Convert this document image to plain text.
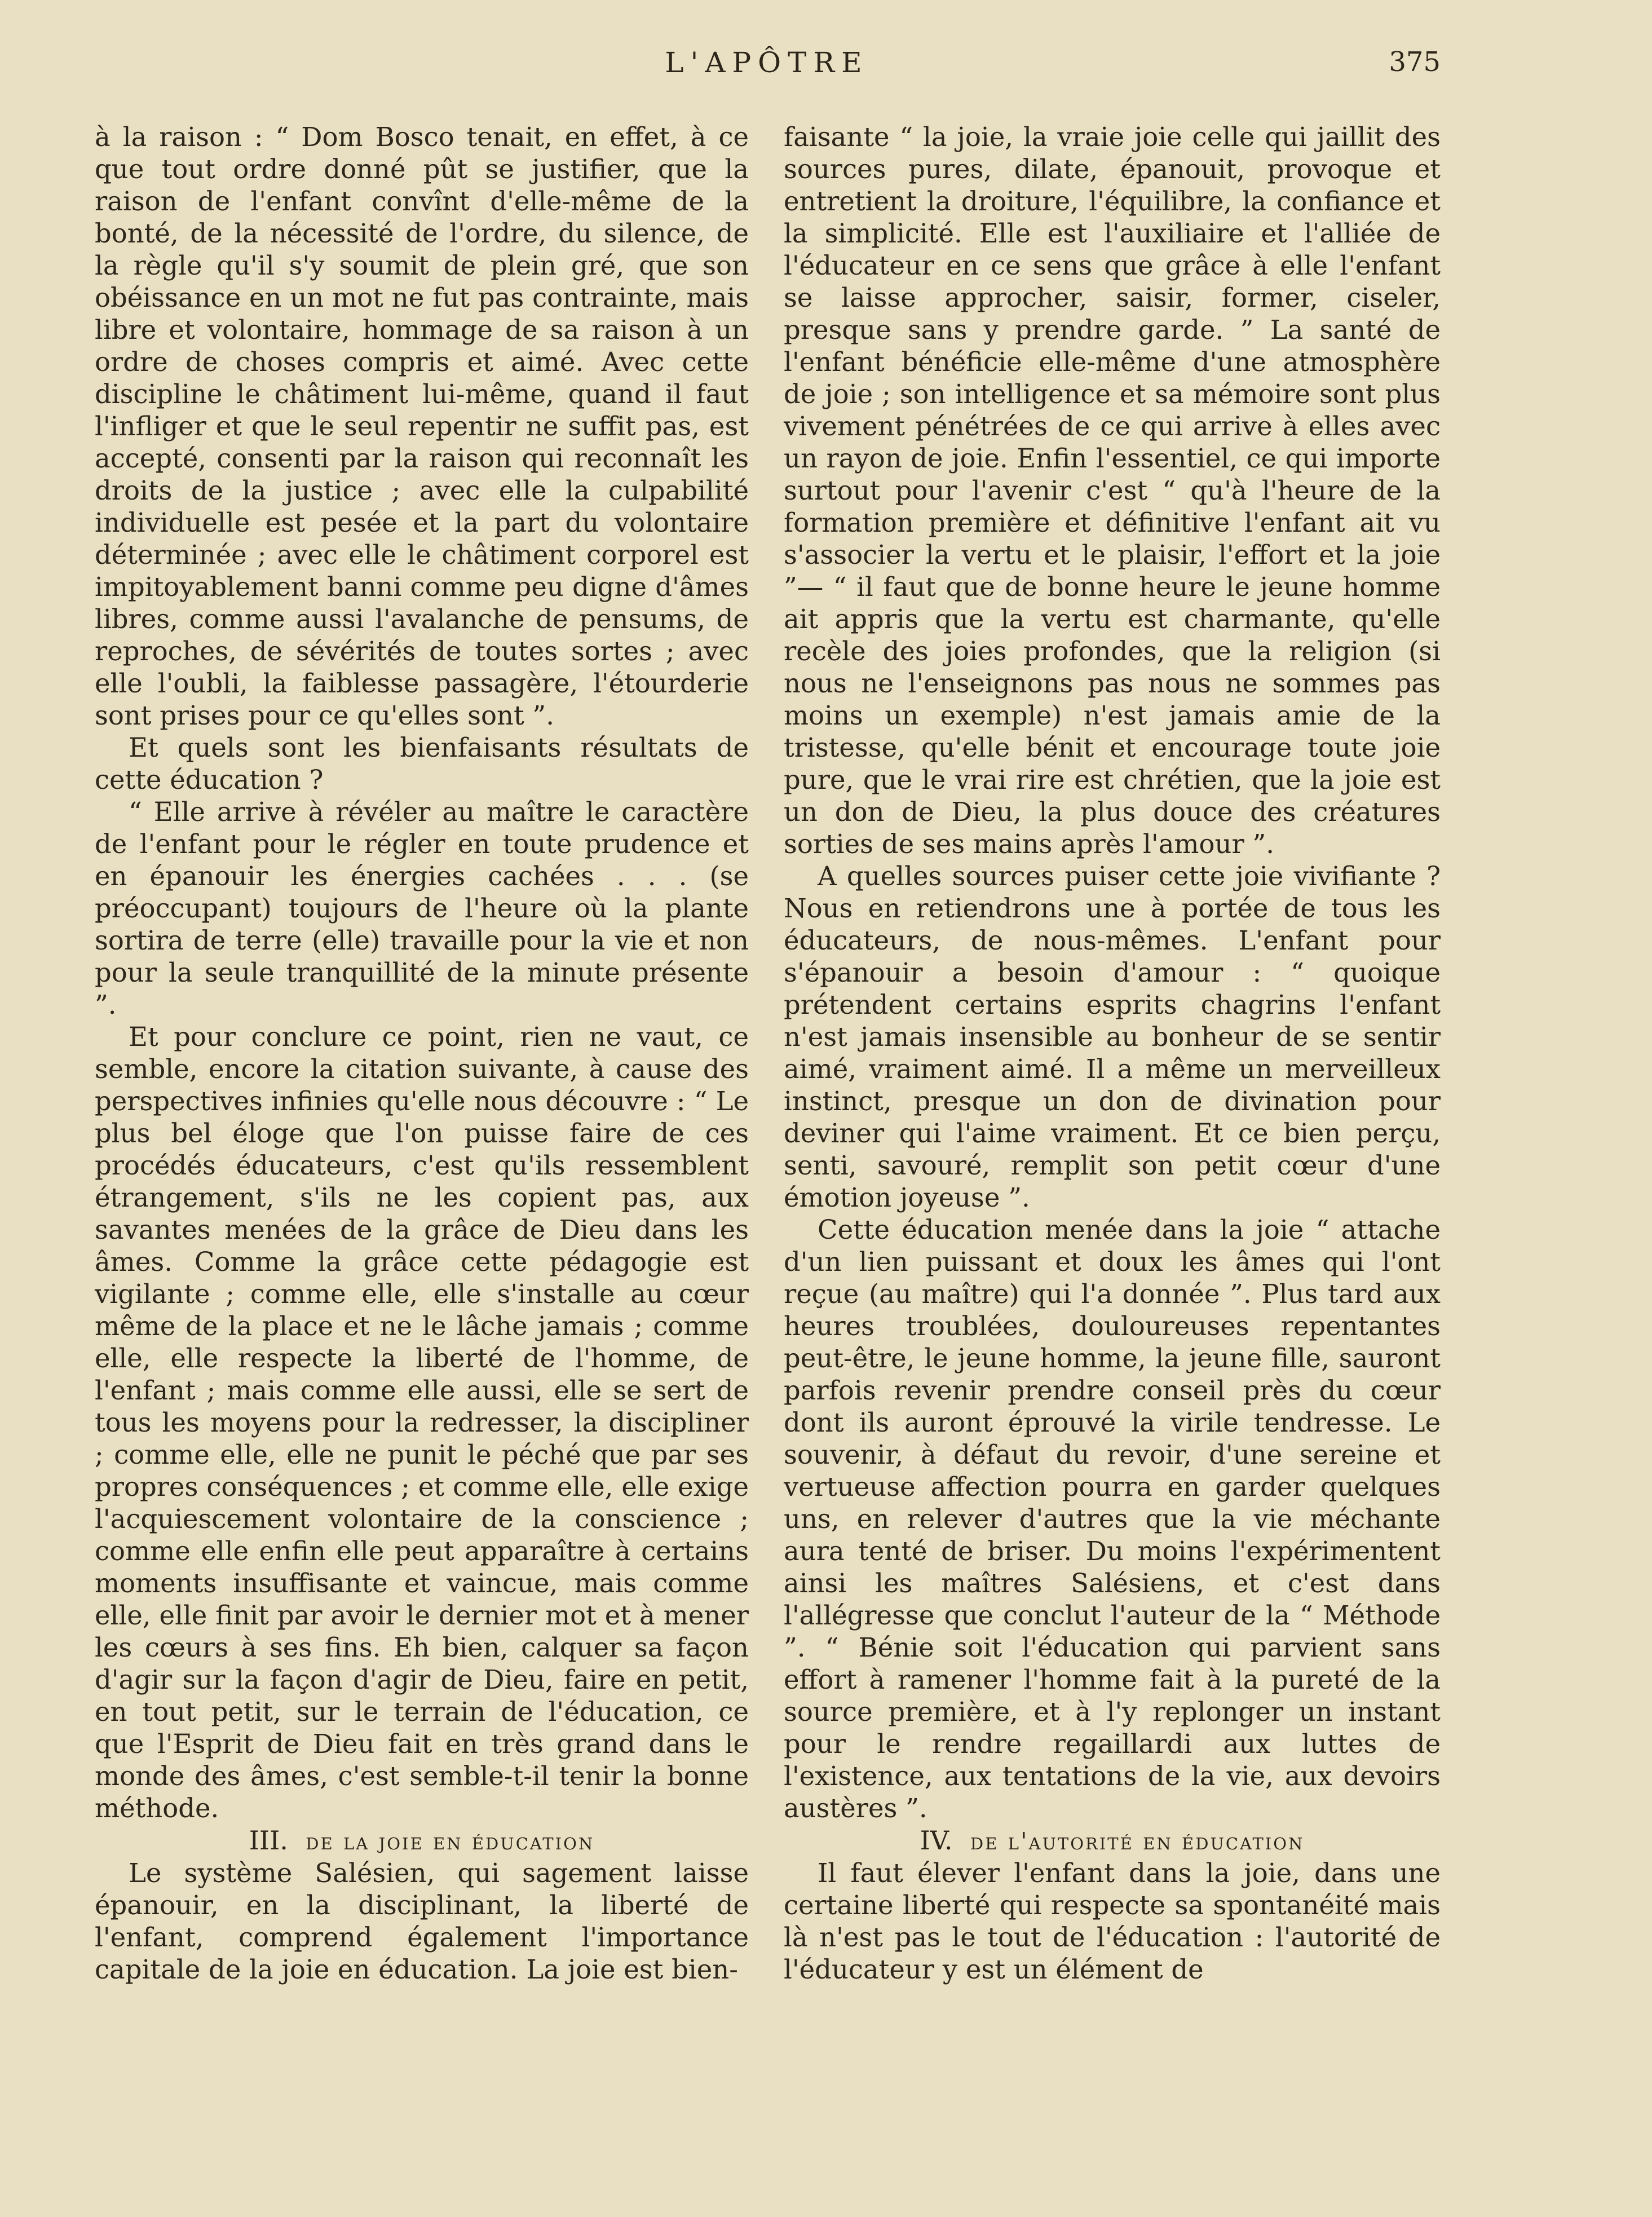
L'APÔTRE	375

à la raison : “ Dom Bosco tenait, en effet, à ce que tout ordre donné pût se justifier, que la raison de l'enfant convînt d'elle-même de la bonté, de la nécessité de l'ordre, du silence, de la règle qu'il s'y soumit de plein gré, que son obéissance en un mot ne fut pas contrainte, mais libre et volontaire, hommage de sa raison à un ordre de choses compris et aimé. Avec cette discipline le châtiment lui-même, quand il faut l'infliger et que le seul repentir ne suffit pas, est accepté, consenti par la raison qui reconnaît les droits de la justice ; avec elle la culpabilité individuelle est pesée et la part du volontaire déterminée ; avec elle le châtiment corporel est impitoyablement banni comme peu digne d'âmes libres, comme aussi l'avalanche de pensums, de reproches, de sévérités de toutes sortes ; avec elle l'oubli, la faiblesse passagère, l'étourderie sont prises pour ce qu'elles sont ”.

Et quels sont les bienfaisants résultats de cette éducation ?

“ Elle arrive à révéler au maître le caractère de l'enfant pour le régler en toute prudence et en épanouir les énergies cachées . . . (se préoccupant) toujours de l'heure où la plante sortira de terre (elle) travaille pour la vie et non pour la seule tranquillité de la minute présente ”.

Et pour conclure ce point, rien ne vaut, ce semble, encore la citation suivante, à cause des perspectives infinies qu'elle nous découvre : “ Le plus bel éloge que l'on puisse faire de ces procédés éducateurs, c'est qu'ils ressemblent étrangement, s'ils ne les copient pas, aux savantes menées de la grâce de Dieu dans les âmes. Comme la grâce cette pédagogie est vigilante ; comme elle, elle s'installe au cœur même de la place et ne le lâche jamais ; comme elle, elle respecte la liberté de l'homme, de l'enfant ; mais comme elle aussi, elle se sert de tous les moyens pour la redresser, la discipliner ; comme elle, elle ne punit le péché que par ses propres conséquences ; et comme elle, elle exige l'acquiescement volontaire de la conscience ; comme elle enfin elle peut apparaître à certains moments insuffisante et vaincue, mais comme elle, elle finit par avoir le dernier mot et à mener les cœurs à ses fins. Eh bien, calquer sa façon d'agir sur la façon d'agir de Dieu, faire en petit, en tout petit, sur le terrain de l'éducation, ce que l'Esprit de Dieu fait en très grand dans le monde des âmes, c'est semble-t-il tenir la bonne méthode.

III. de la joie en éducation

Le système Salésien, qui sagement laisse épanouir, en la disciplinant, la liberté de l'enfant, comprend également l'importance capitale de la joie en éducation. La joie est bien-

faisante “ la joie, la vraie joie celle qui jaillit des sources pures, dilate, épanouit, provoque et entretient la droiture, l'équilibre, la confiance et la simplicité. Elle est l'auxiliaire et l'alliée de l'éducateur en ce sens que grâce à elle l'enfant se laisse approcher, saisir, former, ciseler, presque sans y prendre garde. ” La santé de l'enfant bénéficie elle-même d'une atmosphère de joie ; son intelligence et sa mémoire sont plus vivement pénétrées de ce qui arrive à elles avec un rayon de joie. Enfin l'essentiel, ce qui importe surtout pour l'avenir c'est “ qu'à l'heure de la formation première et définitive l'enfant ait vu s'associer la vertu et le plaisir, l'effort et la joie ”— “ il faut que de bonne heure le jeune homme ait appris que la vertu est charmante, qu'elle recèle des joies profondes, que la religion (si nous ne l'enseignons pas nous ne sommes pas moins un exemple) n'est jamais amie de la tristesse, qu'elle bénit et encourage toute joie pure, que le vrai rire est chrétien, que la joie est un don de Dieu, la plus douce des créatures sorties de ses mains après l'amour ”.

A quelles sources puiser cette joie vivifiante ? Nous en retiendrons une à portée de tous les éducateurs, de nous-mêmes. L'enfant pour s'épanouir a besoin d'amour : “ quoique prétendent certains esprits chagrins l'enfant n'est jamais insensible au bonheur de se sentir aimé, vraiment aimé. Il a même un merveilleux instinct, presque un don de divination pour deviner qui l'aime vraiment. Et ce bien perçu, senti, savouré, remplit son petit cœur d'une émotion joyeuse ”.

Cette éducation menée dans la joie “ attache d'un lien puissant et doux les âmes qui l'ont reçue (au maître) qui l'a donnée ”. Plus tard aux heures troublées, douloureuses repentantes peut-être, le jeune homme, la jeune fille, sauront parfois revenir prendre conseil près du cœur dont ils auront éprouvé la virile tendresse. Le souvenir, à défaut du revoir, d'une sereine et vertueuse affection pourra en garder quelques uns, en relever d'autres que la vie méchante aura tenté de briser. Du moins l'expérimentent ainsi les maîtres Salésiens, et c'est dans l'allégresse que conclut l'auteur de la “ Méthode ”. “ Bénie soit l'éducation qui parvient sans effort à ramener l'homme fait à la pureté de la source première, et à l'y replonger un instant pour le rendre regaillardi aux luttes de l'existence, aux tentations de la vie, aux devoirs austères ”.

IV. de l'autorité en éducation

Il faut élever l'enfant dans la joie, dans une certaine liberté qui respecte sa spontanéité mais là n'est pas le tout de l'éducation : l'autorité de l'éducateur y est un élément de
